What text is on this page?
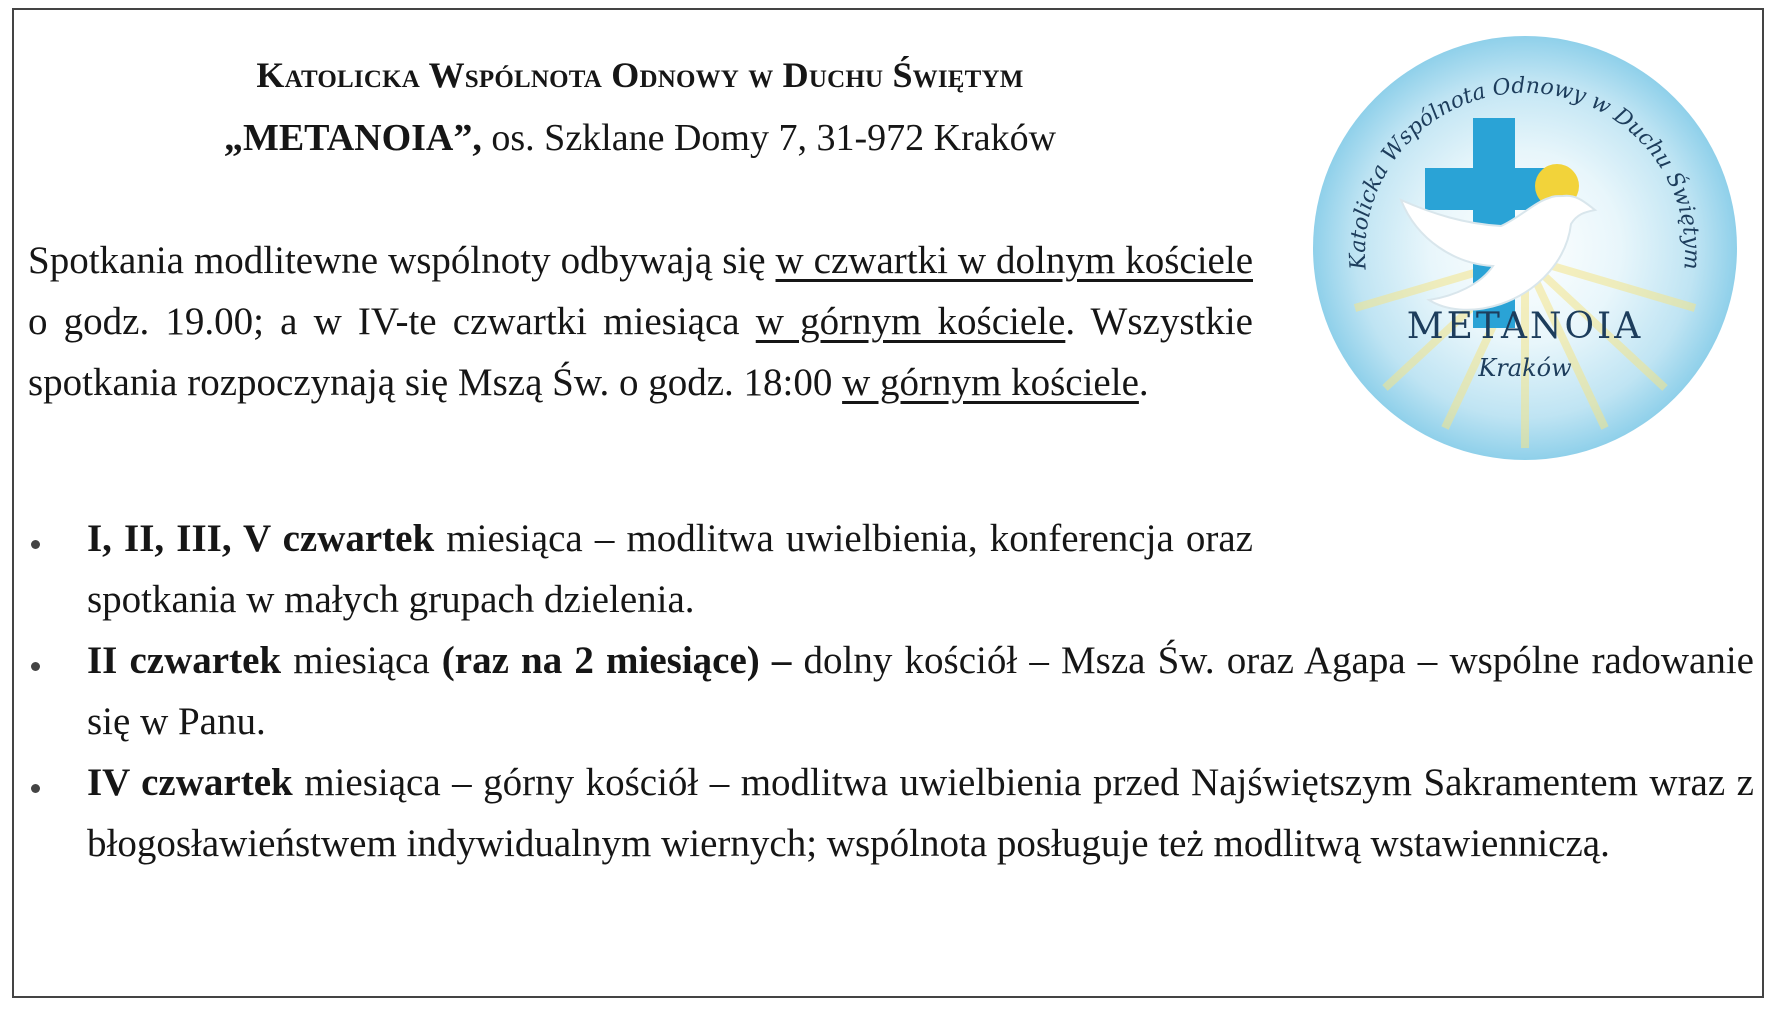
Katolicka Wspólnota Odnowy w Duchu Świętym
„METANOIA”, os. Szklane Domy 7, 31-972 Kraków
Spotkania modlitewne wspólnoty odbywają się w czwartki w dolnym kościele o godz. 19.00; a w IV-te czwartki miesiąca w górnym kościele. Wszystkie spotkania rozpoczynają się Mszą Św. o godz. 18:00 w górnym kościele.
I, II, III, V czwartek miesiąca – modlitwa uwielbienia, konferencja oraz spotkania w małych grupach dzielenia.
II czwartek miesiąca (raz na 2 miesiące) – dolny kościół – Msza Św. oraz Agapa – wspólne radowanie się w Panu.
IV czwartek miesiąca – górny kościół – modlitwa uwielbienia przed Najświętszym Sakramentem wraz z błogosławieństwem indywidualnym wiernych; wspólnota posługuje też modlitwą wstawienniczą.
Katolicka Wspólnota Odnowy w Duchu Świętym
METANOIA
Kraków
